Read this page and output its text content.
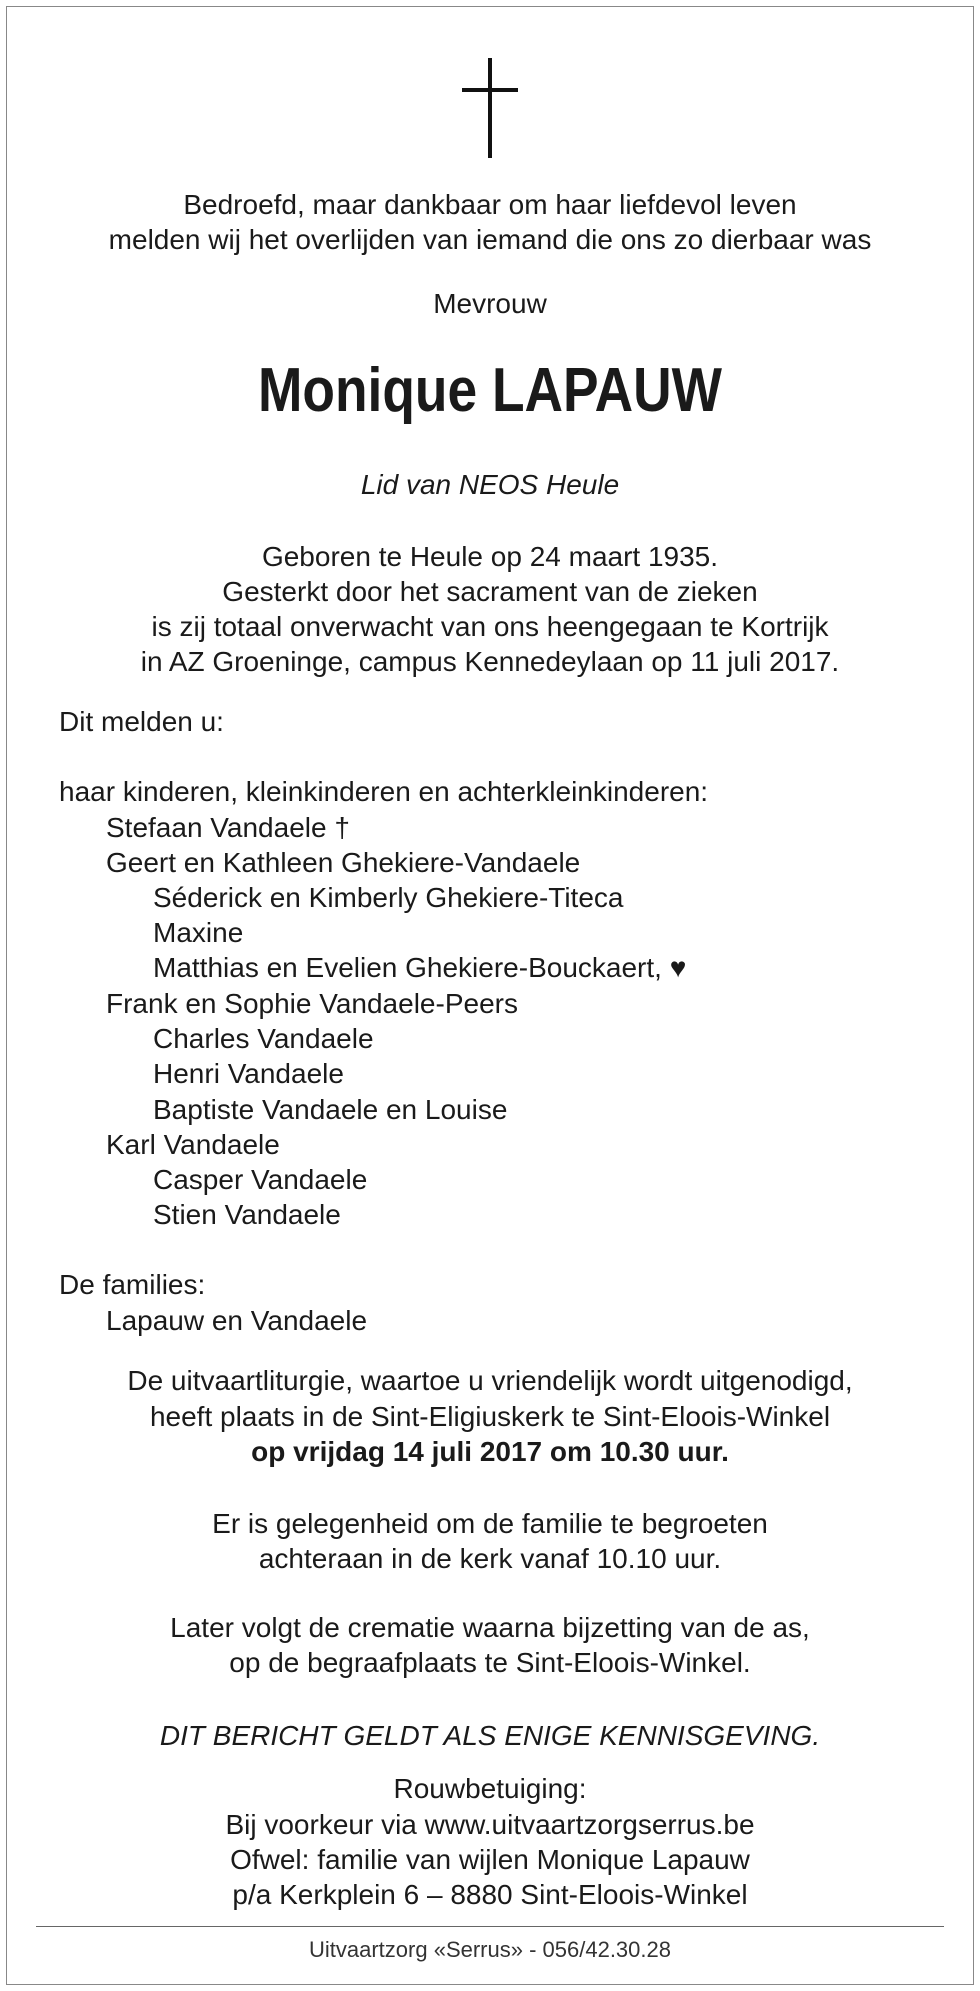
Bedroefd, maar dankbaar om haar liefdevol leven
melden wij het overlijden van iemand die ons zo dierbaar was
Mevrouw
Monique LAPAUW
Lid van NEOS Heule
Geboren te Heule op 24 maart 1935.
Gesterkt door het sacrament van de zieken
is zij totaal onverwacht van ons heengegaan te Kortrijk
in AZ Groeninge, campus Kennedeylaan op 11 juli 2017.
Dit melden u:
haar kinderen, kleinkinderen en achterkleinkinderen:
Stefaan Vandaele †
Geert en Kathleen Ghekiere-Vandaele
Séderick en Kimberly Ghekiere-Titeca
Maxine
Matthias en Evelien Ghekiere-Bouckaert, ♥
Frank en Sophie Vandaele-Peers
Charles Vandaele
Henri Vandaele
Baptiste Vandaele en Louise
Karl Vandaele
Casper Vandaele
Stien Vandaele
De families:
Lapauw en Vandaele
De uitvaartliturgie, waartoe u vriendelijk wordt uitgenodigd,
heeft plaats in de Sint-Eligiuskerk te Sint-Eloois-Winkel
op vrijdag 14 juli 2017 om 10.30 uur.
Er is gelegenheid om de familie te begroeten
achteraan in de kerk vanaf 10.10 uur.
Later volgt de crematie waarna bijzetting van de as,
op de begraafplaats te Sint-Eloois-Winkel.
DIT BERICHT GELDT ALS ENIGE KENNISGEVING.
Rouwbetuiging:
Bij voorkeur via www.uitvaartzorgserrus.be
Ofwel: familie van wijlen Monique Lapauw
p/a Kerkplein 6 – 8880 Sint-Eloois-Winkel
Uitvaartzorg «Serrus» - 056/42.30.28
